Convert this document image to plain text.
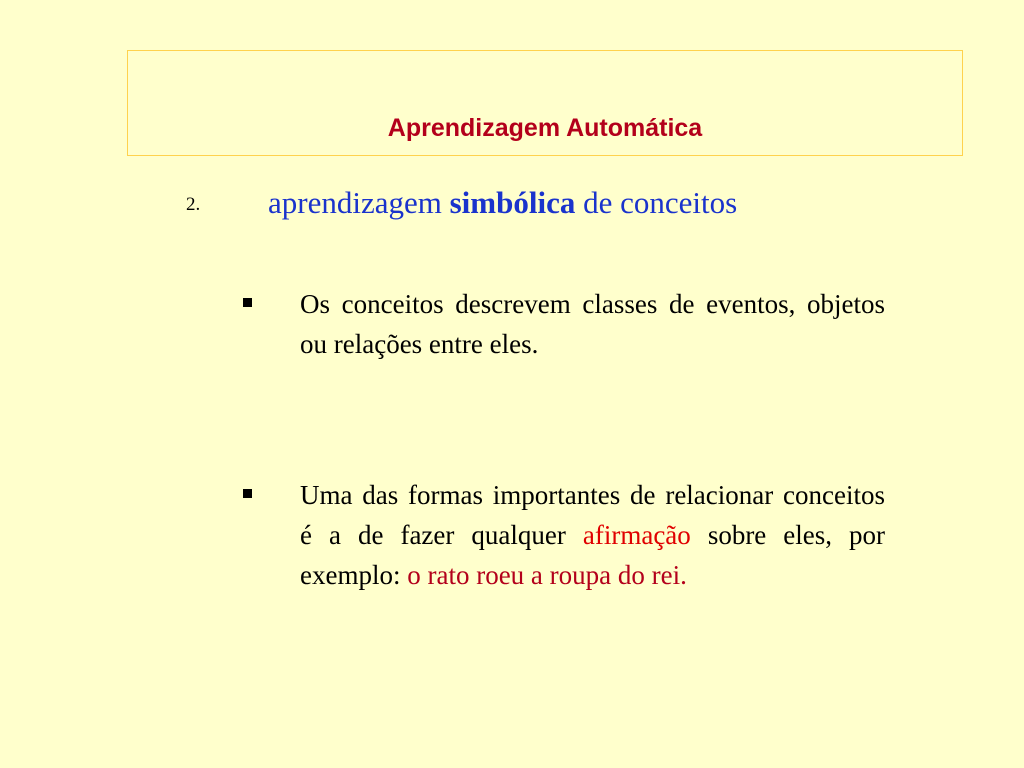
Aprendizagem Automática
2. aprendizagem simbólica de conceitos
Os conceitos descrevem classes de eventos, objetos ou relações entre eles.
Uma das formas importantes de relacionar conceitos é a de fazer qualquer afirmação sobre eles, por exemplo: o rato roeu a roupa do rei.
